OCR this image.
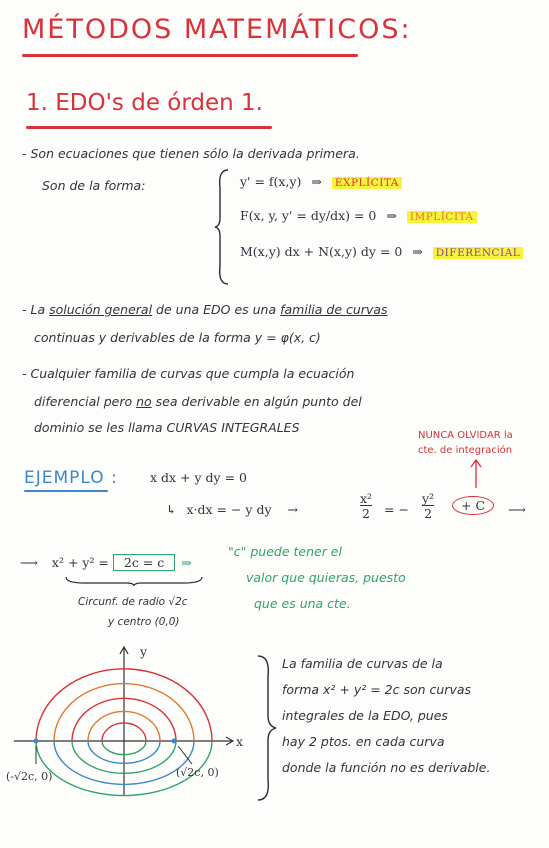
MÉTODOS MATEMÁTICOS:
1. EDO's de órden 1.
- Son ecuaciones que tienen sólo la derivada primera.
Son de la forma:	y' = f(x,y) ⇒ EXPLÍCITA
F(x, y, y' = dy/dx) = 0 ⇒ IMPLÍCITA
M(x,y) dx + N(x,y) dy = 0 ⇒ DIFERENCIAL
- La solución general de una EDO es una familia de curvas
continuas y derivables de la forma y = φ(x, c)
- Cualquier familia de curvas que cumpla la ecuación
diferencial pero no sea derivable en algún punto del
dominio se les llama CURVAS INTEGRALES
EJEMPLO :
NUNCA OLVIDAR la
cte. de integración
x dx + y dy = 0
↳ x·dx = − y dy →	$\frac{\text{x²}}{2}$ = − $\frac{\text{y²}}{2}$	+ C	⟶
⟶ x² + y² = 2c = c ⇒
Circunf. de radio √2c
y centro (0,0)
"c" puede tener el
valor que quieras, puesto
que es una cte.
y
x
(-√2c, 0)	(√2c, 0)
La familia de curvas de la
forma x² + y² = 2c son curvas
integrales de la EDO, pues
hay 2 ptos. en cada curva
donde la función no es derivable.
